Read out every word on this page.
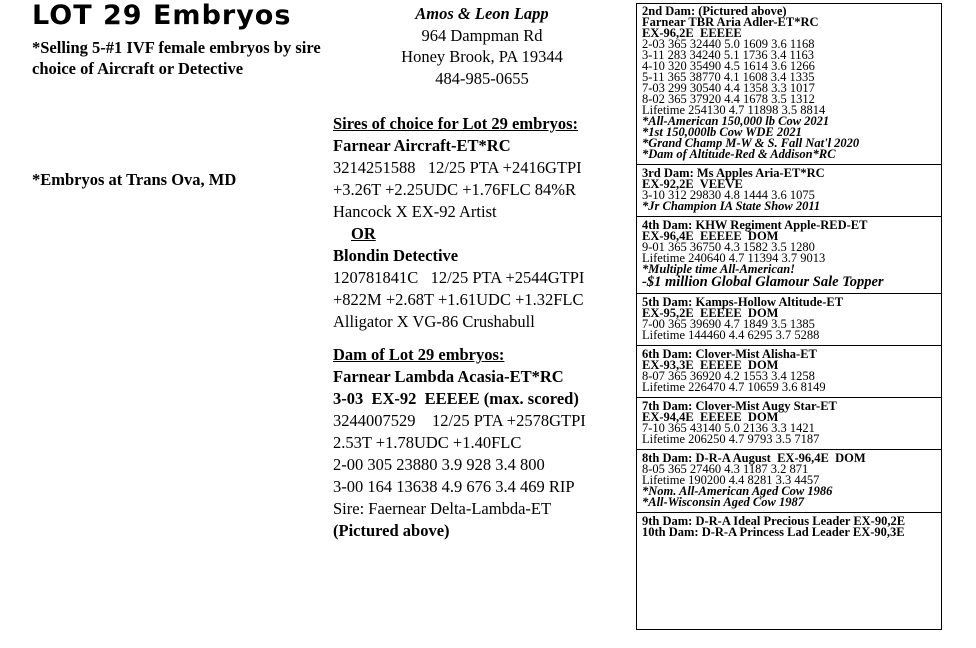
LOT 29 Embryos
*Selling 5-#1 IVF female embryos by sire choice of Aircraft or Detective
*Embryos at Trans Ova, MD
Amos & Leon Lapp
964 Dampman Rd
Honey Brook, PA 19344
484-985-0655
Sires of choice for Lot 29 embryos:
Farnear Aircraft-ET*RC
3214251588   12/25 PTA +2416GTPI
+3.26T +2.25UDC +1.76FLC 84%R
Hancock X EX-92 Artist
OR
Blondin Detective
120781841C   12/25 PTA +2544GTPI
+822M +2.68T +1.61UDC +1.32FLC
Alligator X VG-86 Crushabull
Dam of Lot 29 embryos:
Farnear Lambda Acasia-ET*RC
3-03  EX-92  EEEEE (max. scored)
3244007529    12/25 PTA +2578GTPI
2.53T +1.78UDC +1.40FLC
2-00 305 23880 3.9 928 3.4 800
3-00 164 13638 4.9 676 3.4 469 RIP
Sire: Faernear Delta-Lambda-ET
(Pictured above)
2nd Dam: (Pictured above)
Farnear TBR Aria Adler-ET*RC
EX-96,2E  EEEEE
2-03 365 32440 5.0 1609 3.6 1168
3-11 283 34240 5.1 1736 3.4 1163
4-10 320 35490 4.5 1614 3.6 1266
5-11 365 38770 4.1 1608 3.4 1335
7-03 299 30540 4.4 1358 3.3 1017
8-02 365 37920 4.4 1678 3.5 1312
Lifetime 254130 4.7 11898 3.5 8814
*All-American 150,000 lb Cow 2021
*1st 150,000lb Cow WDE 2021
*Grand Champ M-W & S. Fall Nat'l 2020
*Dam of Altitude-Red & Addison*RC
3rd Dam: Ms Apples Aria-ET*RC
EX-92,2E  VEEVE
3-10 312 29830 4.8 1444 3.6 1075
*Jr Champion IA State Show 2011
4th Dam: KHW Regiment Apple-RED-ET
EX-96,4E  EEEEE  DOM
9-01 365 36750 4.3 1582 3.5 1280
Lifetime 240640 4.7 11394 3.7 9013
*Multiple time All-American!
-$1 million Global Glamour Sale Topper
5th Dam: Kamps-Hollow Altitude-ET
EX-95,2E  EEEEE  DOM
7-00 365 39690 4.7 1849 3.5 1385
Lifetime 144460 4.4 6295 3.7 5288
6th Dam: Clover-Mist Alisha-ET
EX-93,3E  EEEEE  DOM
8-07 365 36920 4.2 1553 3.4 1258
Lifetime 226470 4.7 10659 3.6 8149
7th Dam: Clover-Mist Augy Star-ET
EX-94,4E  EEEEE  DOM
7-10 365 43140 5.0 2136 3.3 1421
Lifetime 206250 4.7 9793 3.5 7187
8th Dam: D-R-A August  EX-96,4E  DOM
8-05 365 27460 4.3 1187 3.2 871
Lifetime 190200 4.4 8281 3.3 4457
*Nom. All-American Aged Cow 1986
*All-Wisconsin Aged Cow 1987
9th Dam: D-R-A Ideal Precious Leader EX-90,2E
10th Dam: D-R-A Princess Lad Leader EX-90,3E
